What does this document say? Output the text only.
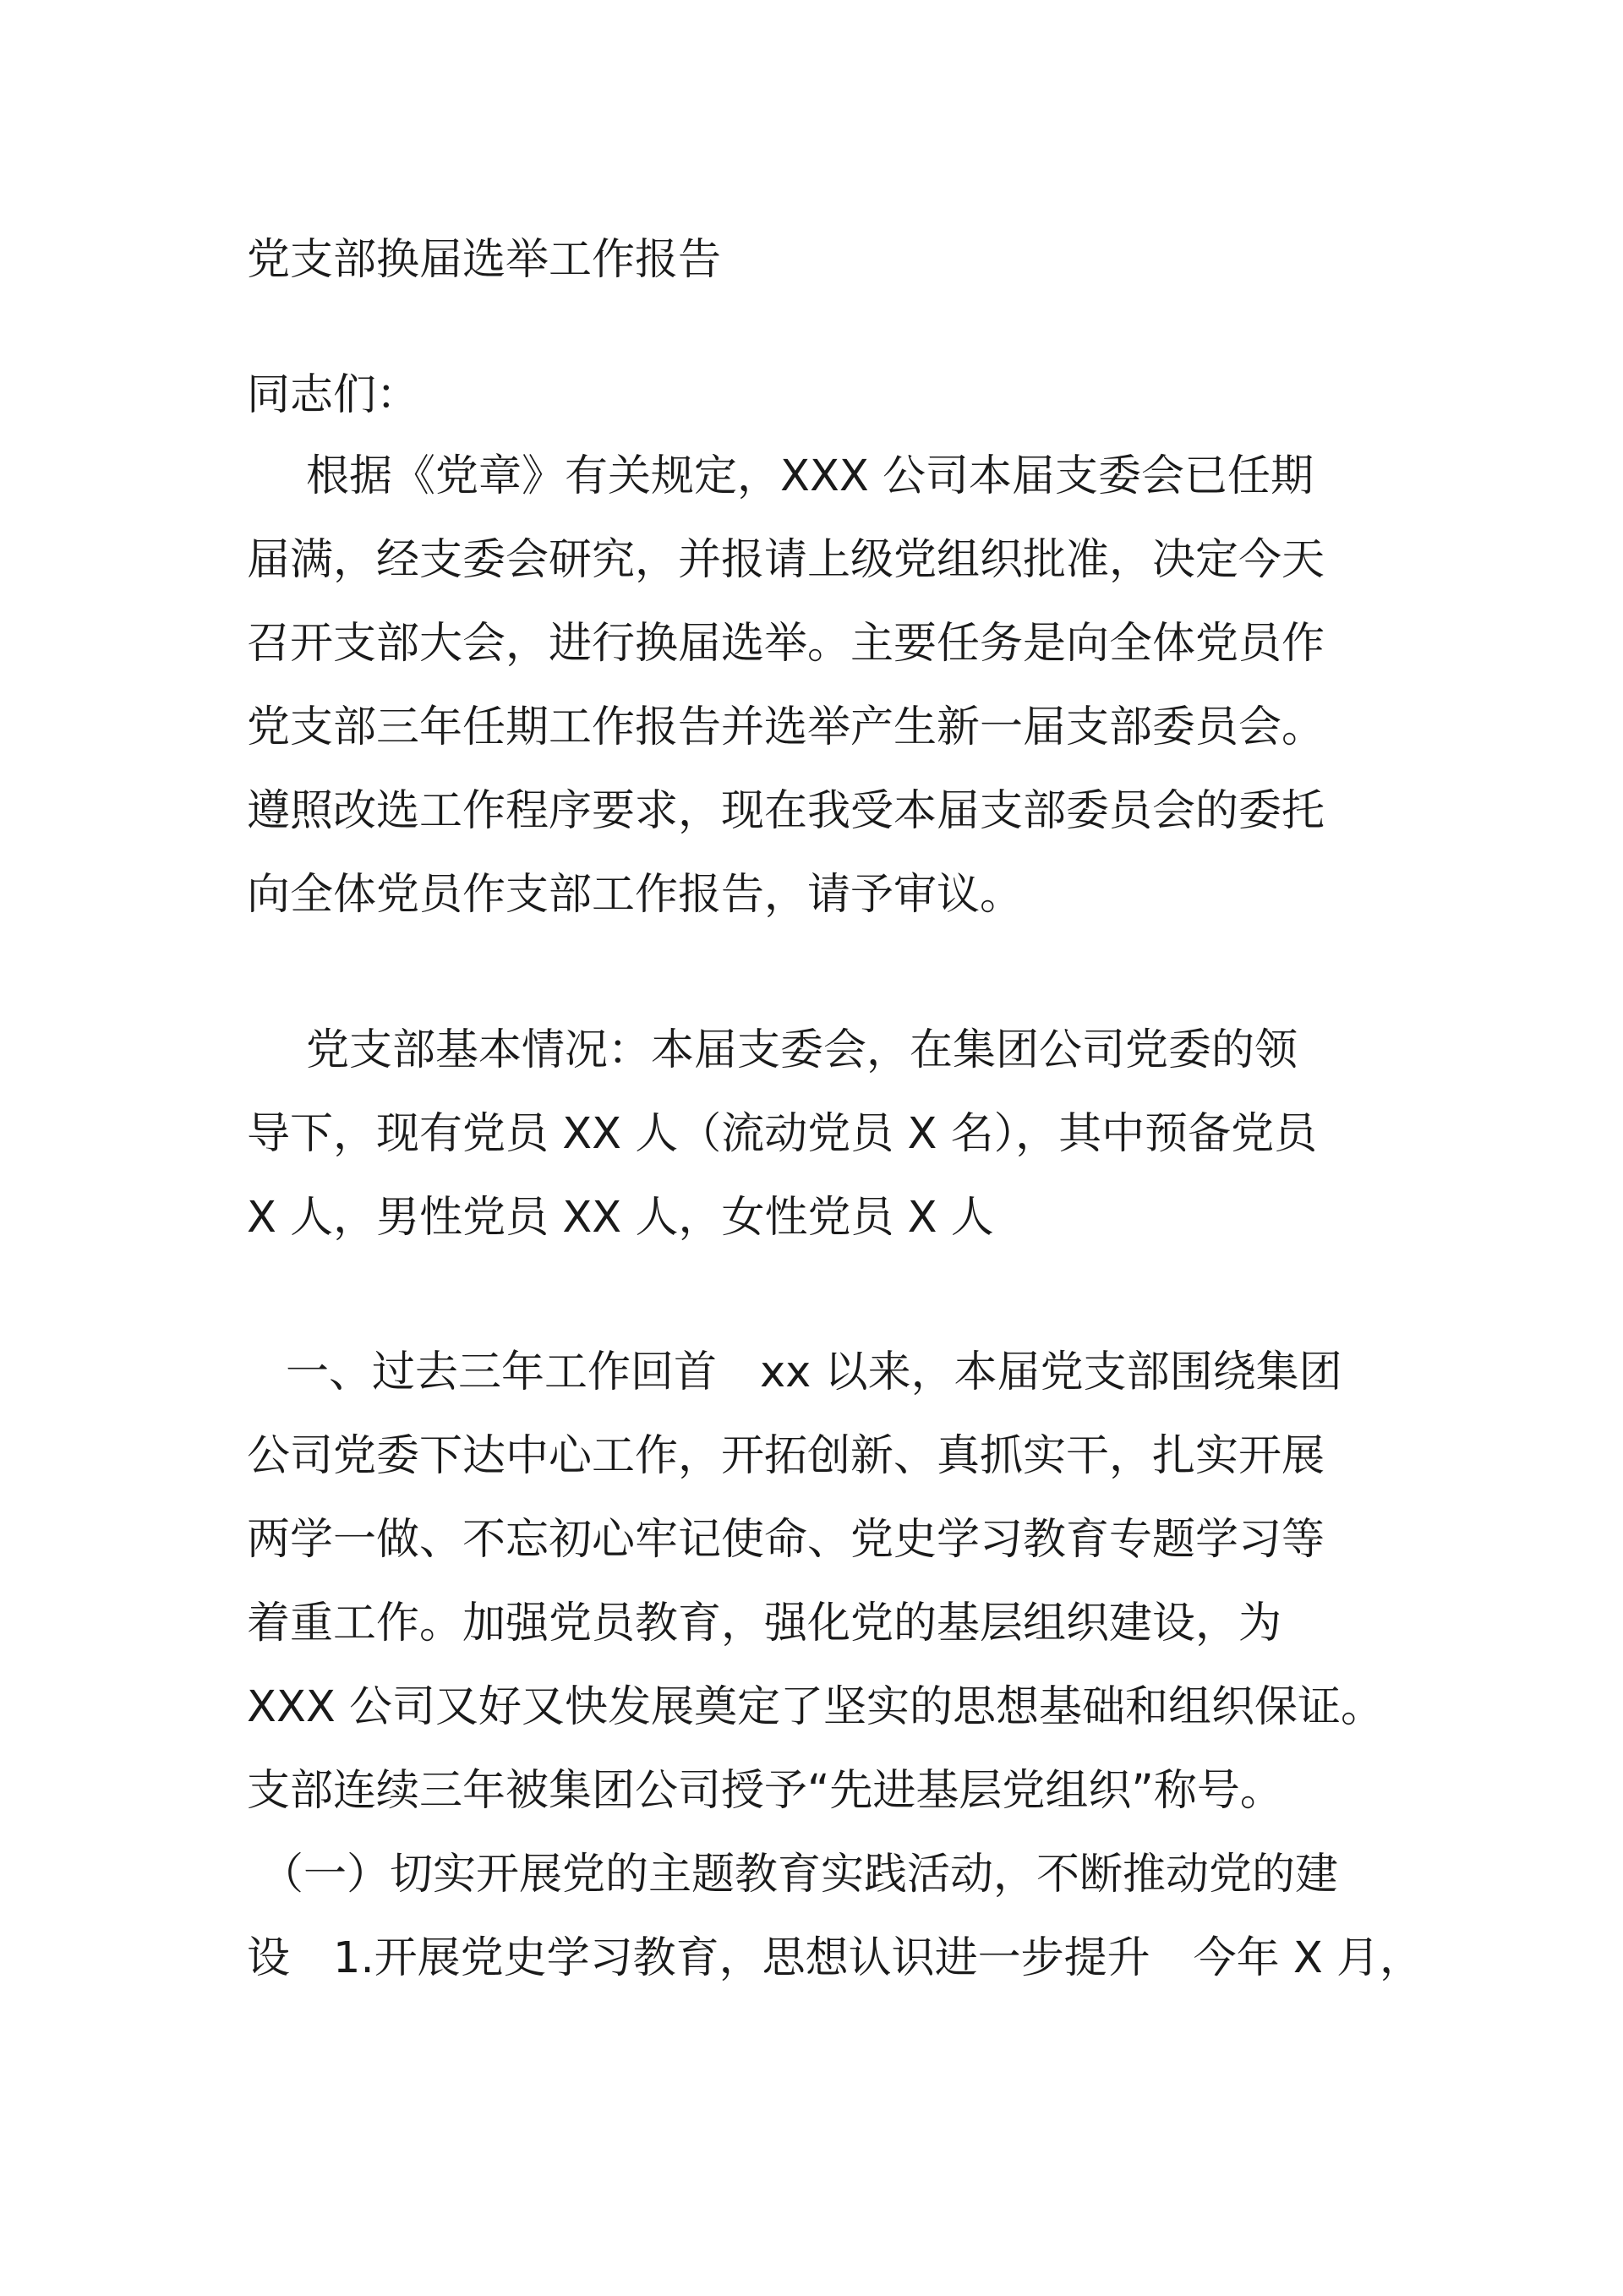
党支部换届选举工作报告
同志们：
根据《党章》有关规定，XXX 公司本届支委会已任期
届满，经支委会研究，并报请上级党组织批准，决定今天
召开支部大会，进行换届选举。主要任务是向全体党员作
党支部三年任期工作报告并选举产生新一届支部委员会。
遵照改选工作程序要求，现在我受本届支部委员会的委托
向全体党员作支部工作报告，请予审议。
党支部基本情况：本届支委会，在集团公司党委的领
导下，现有党员 XX 人（流动党员 X 名），其中预备党员
X 人，男性党员 XX 人，女性党员 X 人
一、过去三年工作回首　xx 以来，本届党支部围绕集团
公司党委下达中心工作，开拓创新、真抓实干，扎实开展
两学一做、不忘初心牢记使命、党史学习教育专题学习等
着重工作。加强党员教育，强化党的基层组织建设，为
XXX 公司又好又快发展奠定了坚实的思想基础和组织保证。
支部连续三年被集团公司授予“先进基层党组织”称号。
（一）切实开展党的主题教育实践活动，不断推动党的建
设　1.开展党史学习教育，思想认识进一步提升　今年 X 月，
